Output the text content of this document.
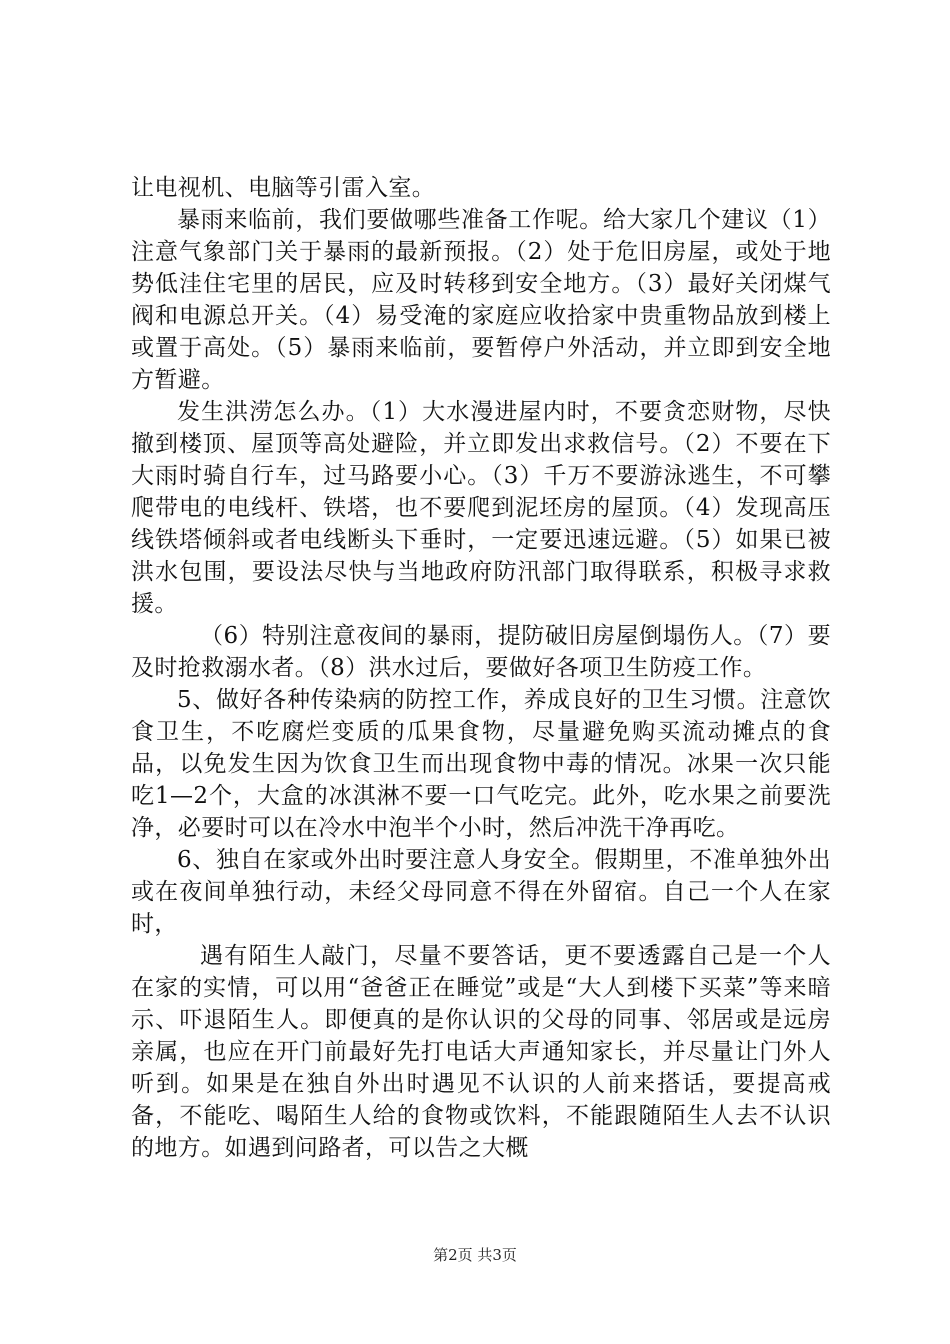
让电视机、电脑等引雷入室。

暴雨来临前，我们要做哪些准备工作呢。给大家几个建议（1）注意气象部门关于暴雨的最新预报。（2）处于危旧房屋，或处于地势低洼住宅里的居民，应及时转移到安全地方。（3）最好关闭煤气阀和电源总开关。（4）易受淹的家庭应收拾家中贵重物品放到楼上或置于高处。（5）暴雨来临前，要暂停户外活动，并立即到安全地方暂避。

发生洪涝怎么办。（1）大水漫进屋内时，不要贪恋财物，尽快撤到楼顶、屋顶等高处避险，并立即发出求救信号。（2）不要在下大雨时骑自行车，过马路要小心。（3）千万不要游泳逃生，不可攀爬带电的电线杆、铁塔，也不要爬到泥坯房的屋顶。（4）发现高压线铁塔倾斜或者电线断头下垂时，一定要迅速远避。（5）如果已被洪水包围，要设法尽快与当地政府防汛部门取得联系，积极寻求救援。

（6）特别注意夜间的暴雨，提防破旧房屋倒塌伤人。（7）要及时抢救溺水者。（8）洪水过后，要做好各项卫生防疫工作。

5、做好各种传染病的防控工作，养成良好的卫生习惯。注意饮食卫生，不吃腐烂变质的瓜果食物，尽量避免购买流动摊点的食品，以免发生因为饮食卫生而出现食物中毒的情况。冰果一次只能吃1—2个，大盒的冰淇淋不要一口气吃完。此外，吃水果之前要洗净，必要时可以在冷水中泡半个小时，然后冲洗干净再吃。

6、独自在家或外出时要注意人身安全。假期里，不准单独外出或在夜间单独行动，未经父母同意不得在外留宿。自己一个人在家时，

遇有陌生人敲门，尽量不要答话，更不要透露自己是一个人在家的实情，可以用“爸爸正在睡觉”或是“大人到楼下买菜”等来暗示、吓退陌生人。即便真的是你认识的父母的同事、邻居或是远房亲属，也应在开门前最好先打电话大声通知家长，并尽量让门外人听到。如果是在独自外出时遇见不认识的人前来搭话，要提高戒备，不能吃、喝陌生人给的食物或饮料，不能跟随陌生人去不认识的地方。如遇到问路者，可以告之大概

第2页 共3页
